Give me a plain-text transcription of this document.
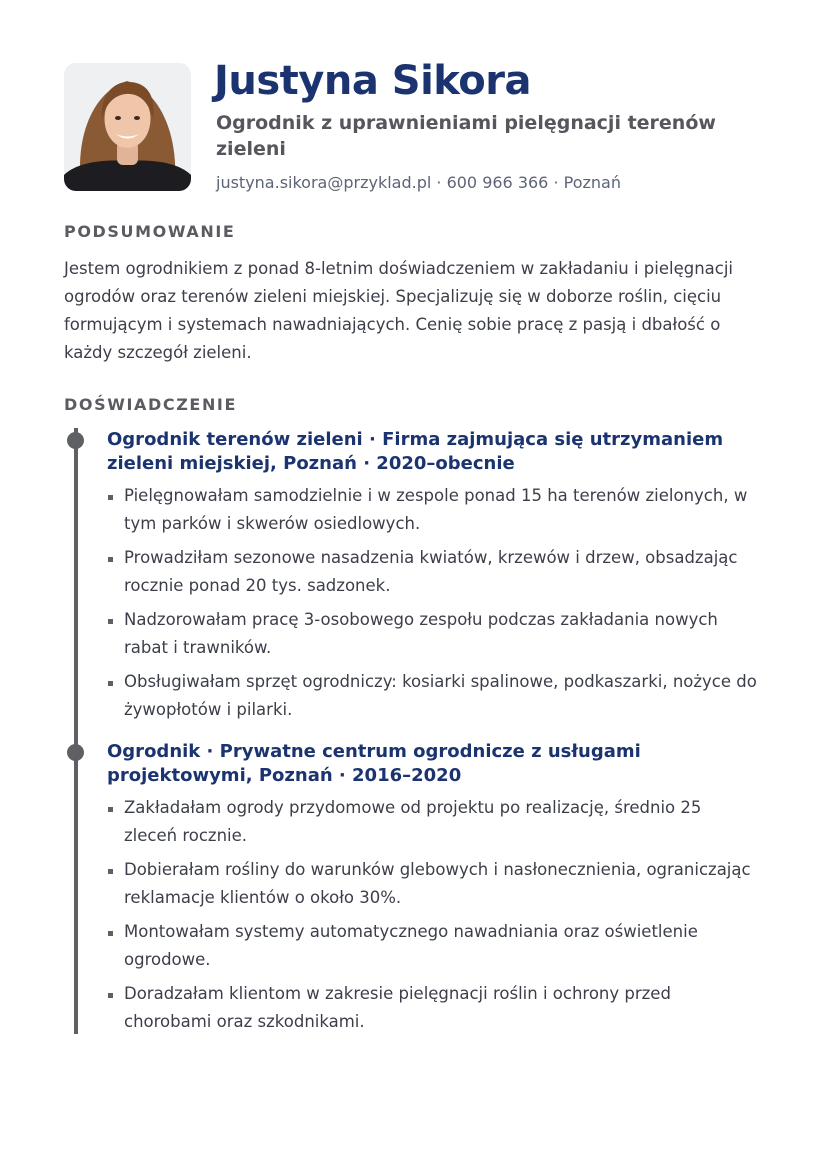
Justyna Sikora

Ogrodnik z uprawnieniami pielęgnacji terenów zieleni

justyna.sikora@przyklad.pl · 600 966 366 · Poznań

PODSUMOWANIE

Jestem ogrodnikiem z ponad 8-letnim doświadczeniem w zakładaniu i pielęgnacji ogrodów oraz terenów zieleni miejskiej. Specjalizuję się w doborze roślin, cięciu formującym i systemach nawadniających. Cenię sobie pracę z pasją i dbałość o każdy szczegół zieleni.

DOŚWIADCZENIE
Ogrodnik terenów zieleni · Firma zajmująca się utrzymaniem zieleni miejskiej, Poznań · 2020–obecnie
Pielęgnowałam samodzielnie i w zespole ponad 15 ha terenów zielonych, w tym parków i skwerów osiedlowych.
Prowadziłam sezonowe nasadzenia kwiatów, krzewów i drzew, obsadzając rocznie ponad 20 tys. sadzonek.
Nadzorowałam pracę 3-osobowego zespołu podczas zakładania nowych rabat i trawników.
Obsługiwałam sprzęt ogrodniczy: kosiarki spalinowe, podkaszarki, nożyce do żywopłotów i pilarki.
Ogrodnik · Prywatne centrum ogrodnicze z usługami projektowymi, Poznań · 2016–2020
Zakładałam ogrody przydomowe od projektu po realizację, średnio 25 zleceń rocznie.
Dobierałam rośliny do warunków glebowych i nasłonecznienia, ograniczając reklamacje klientów o około 30%.
Montowałam systemy automatycznego nawadniania oraz oświetlenie ogrodowe.
Doradzałam klientom w zakresie pielęgnacji roślin i ochrony przed chorobami oraz szkodnikami.
